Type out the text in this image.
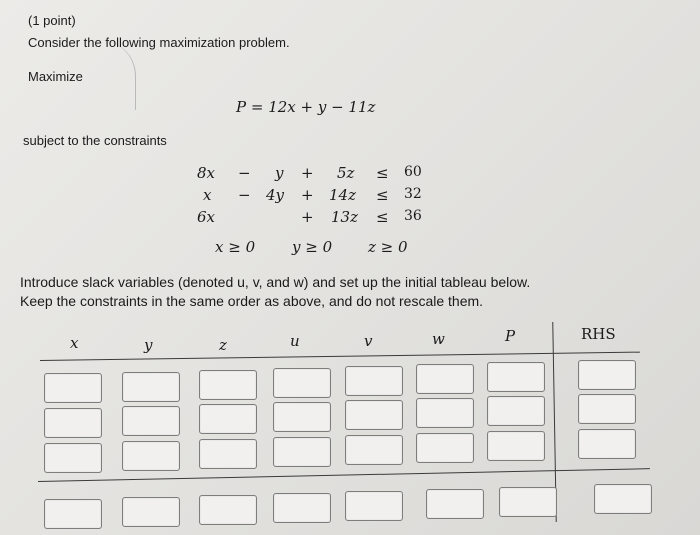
(1 point)
Consider the following maximization problem.
Maximize
P = 12x + y − 11z
subject to the constraints
8x − y + 5z ≤ 60
x − 4y + 14z ≤ 32
6x	+ 13z ≤ 36
x ≥ 0 y ≥ 0 z ≥ 0
Introduce slack variables (denoted u, v, and w) and set up the initial tableau below.
Keep the constraints in the same order as above, and do not rescale them.
x	y	z	u	v	w	P	RHS
